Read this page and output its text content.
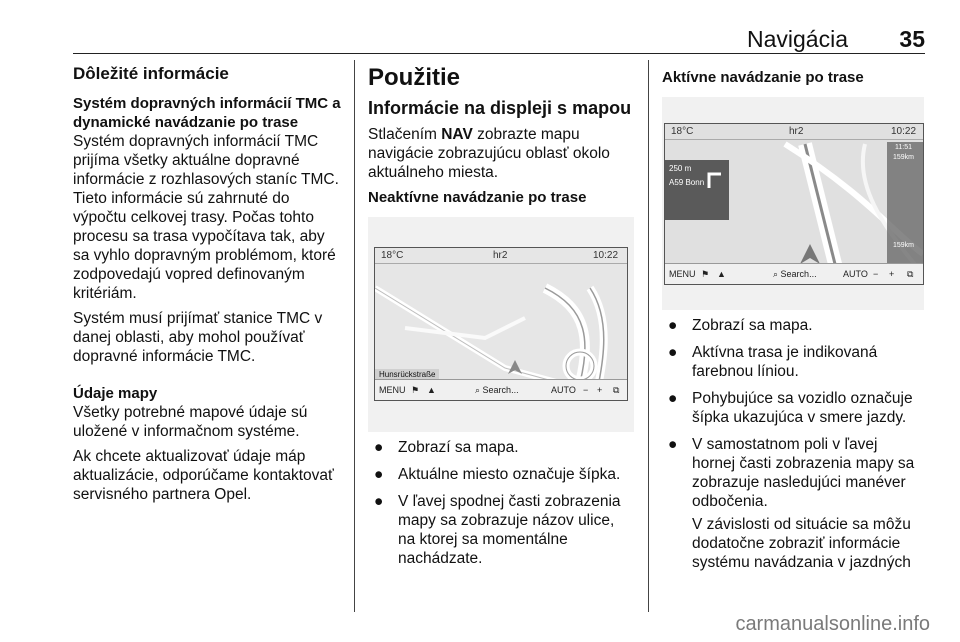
Navigácia 35
Dôležité informácie
Systém dopravných informácií TMC a dynamické navádzanie po trase

Systém dopravných informácií TMC prijíma všetky aktuálne dopravné informácie z rozhlasových staníc TMC. Tieto informácie sú zahrnuté do výpočtu celkovej trasy. Počas tohto procesu sa trasa vypočítava tak, aby sa vyhlo dopravným problémom, ktoré zodpovedajú vopred definovaným kritériám.

Systém musí prijímať stanice TMC v danej oblasti, aby mohol používať dopravné informácie TMC.

Údaje mapy

Všetky potrebné mapové údaje sú uložené v informačnom systéme.

Ak chcete aktualizovať údaje máp aktualizácie, odporúčame kontaktovať servisného partnera Opel.

Použitie
Informácie na displeji s mapou

Stlačením NAV zobrazte mapu navigácie zobrazujúcu oblasť okolo aktuálneho miesta.

Neaktívne navádzanie po trase
18°C	hr2	10:22
Hunsrückstraße
MENU ⚑ ▲	⌕ Search...	AUTO − + ⧉
● Zobrazí sa mapa.
● Aktuálne miesto označuje šípka.
● V ľavej spodnej časti zobrazenia mapy sa zobrazuje názov ulice, na ktorej sa momentálne nachádzate.
Aktívne navádzanie po trase
18°C	hr2	10:22
250 m
A59 Bonn
11:51
159km
159km
MENU ⚑ ▲	⌕ Search...	AUTO − + ⧉
● Zobrazí sa mapa.
● Aktívna trasa je indikovaná farebnou líniou.
● Pohybujúce sa vozidlo označuje šípka ukazujúca v smere jazdy.
● V samostatnom poli v ľavej hornej časti zobrazenia mapy sa zobrazuje nasledujúci manéver odbočenia.

V závislosti od situácie sa môžu dodatočne zobraziť informácie systému navádzania v jazdných

carmanualsonline.info
